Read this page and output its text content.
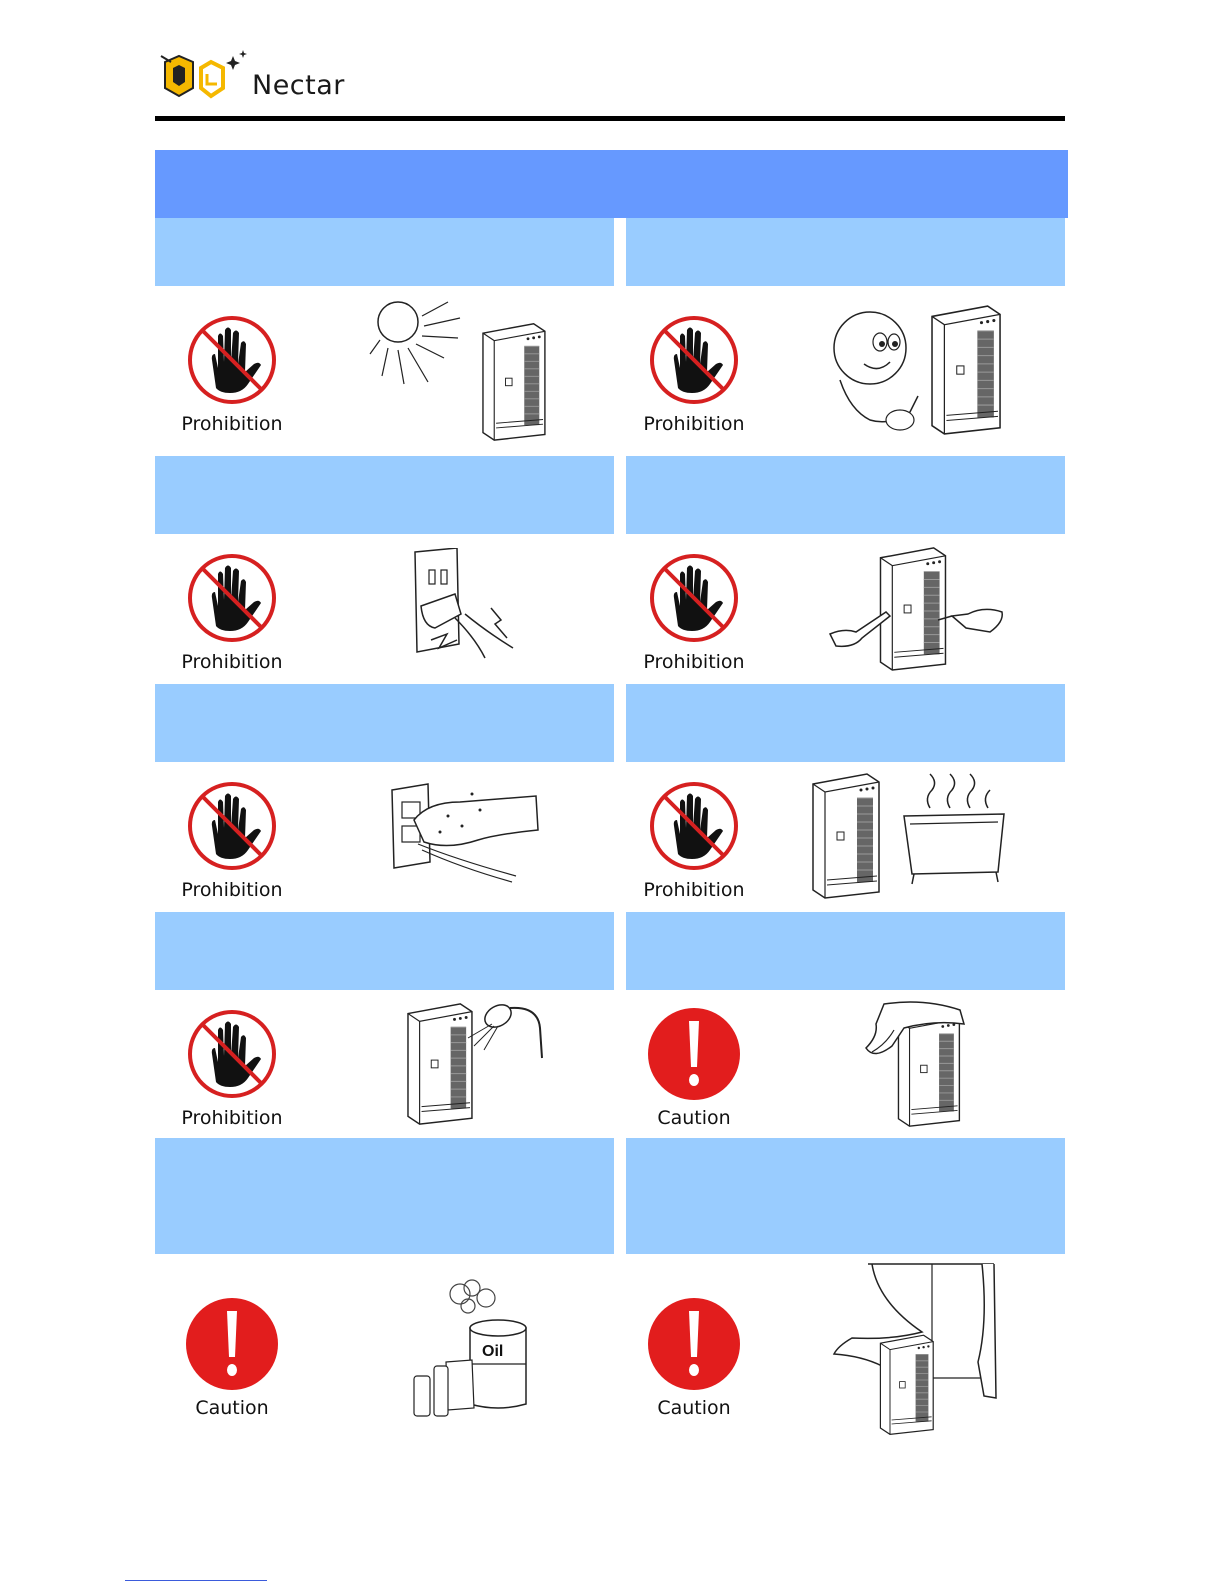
Nectar
Prohibition	Prohibition
Prohibition	Prohibition
Prohibition	Prohibition
Prohibition	Caution
Caution
Oil
Caution
